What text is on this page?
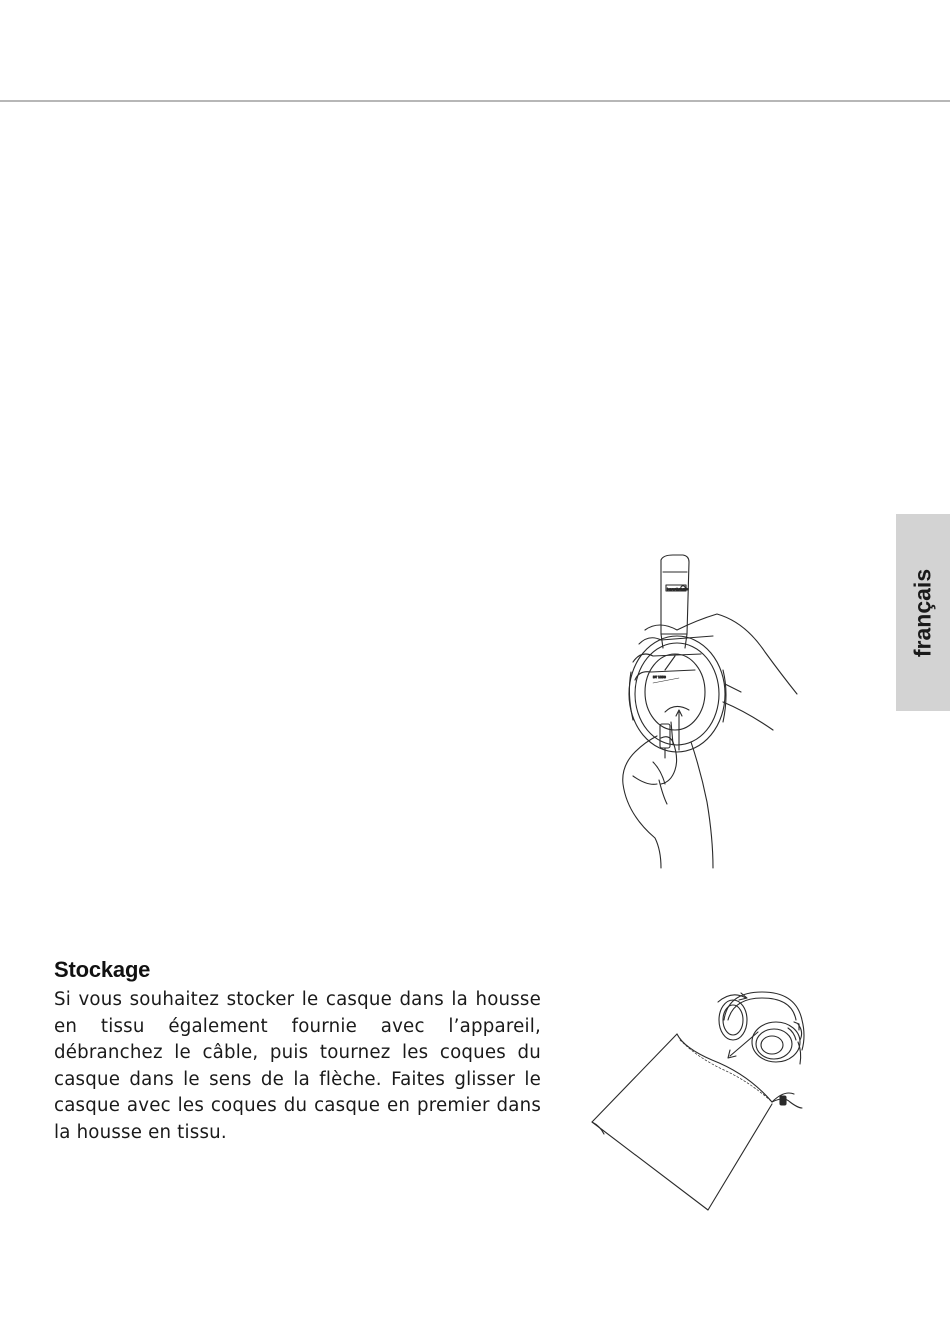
français
beyerdynamic
DT 1350
Stockage

Si vous souhaitez stocker le casque dans la housse en tissu également fournie avec l’appareil, débranchez le câble, puis tournez les coques du casque dans le sens de la flèche. Faites glisser le casque avec les coques du casque en premier dans la housse en tissu.
